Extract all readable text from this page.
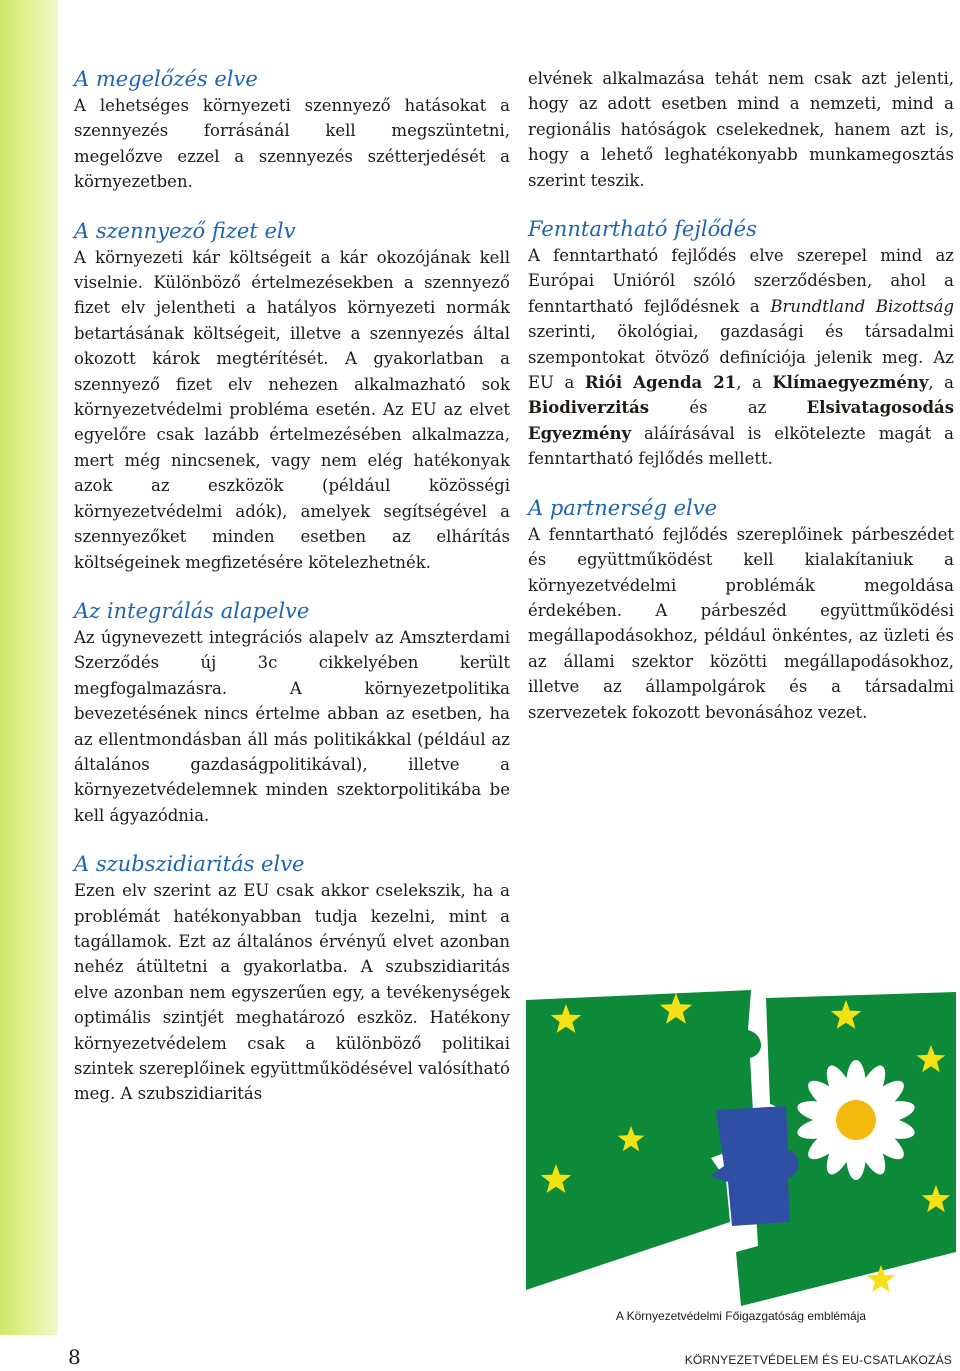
A megelőzés elve

A lehetséges környezeti szennyező hatásokat a szennyezés forrásánál kell megszüntetni, megelőzve ezzel a szennyezés szétterjedését a környezetben.

A szennyező fizet elv

A környezeti kár költségeit a kár okozójának kell viselnie. Különböző értelmezésekben a szennyező fizet elv jelentheti a hatályos környezeti normák betartásának költségeit, illetve a szennyezés által okozott károk megtérítését. A gyakorlatban a szennyező fizet elv nehezen alkalmazható sok környezetvédelmi probléma esetén. Az EU az elvet egyelőre csak lazább értelmezésében alkalmazza, mert még nincsenek, vagy nem elég hatékonyak azok az eszközök (például közösségi környezetvédelmi adók), amelyek segítségével a szennyezőket minden esetben az elhárítás költségeinek megfizetésére kötelezhetnék.

Az integrálás alapelve

Az úgynevezett integrációs alapelv az Amszterdami Szerződés új 3c cikkelyében került megfogalmazásra. A környezetpolitika bevezetésének nincs értelme abban az esetben, ha az ellentmondásban áll más politikákkal (például az általános gazdaságpolitikával), illetve a környezetvédelemnek minden szektorpolitikába be kell ágyazódnia.

A szubszidiaritás elve

Ezen elv szerint az EU csak akkor cselekszik, ha a problémát hatékonyabban tudja kezelni, mint a tagállamok. Ezt az általános érvényű elvet azonban nehéz átültetni a gyakorlatba. A szubszidiaritás elve azonban nem egyszerűen egy, a tevékenységek optimális szintjét meghatározó eszköz. Hatékony környezetvédelem csak a különböző politikai szintek szereplőinek együttműködésével valósítható meg. A szubszidiaritás

elvének alkalmazása tehát nem csak azt jelenti, hogy az adott esetben mind a nemzeti, mind a regionális hatóságok cselekednek, hanem azt is, hogy a lehető leghatékonyabb munkamegosztás szerint teszik.

Fenntartható fejlődés

A fenntartható fejlődés elve szerepel mind az Európai Unióról szóló szerződésben, ahol a fenntartható fejlődésnek a Brundtland Bizottság szerinti, ökológiai, gazdasági és társadalmi szempontokat ötvöző definíciója jelenik meg. Az EU a Riói Agenda 21, a Klímaegyezmény, a Biodiverzitás és az Elsivatagosodás Egyezmény aláírásával is elkötelezte magát a fenntartható fejlődés mellett.

A partnerség elve

A fenntartható fejlődés szereplőinek párbeszédet és együttműködést kell kialakítaniuk a környezetvédelmi problémák megoldása érdekében. A párbeszéd együttműködési megállapodásokhoz, például önkéntes, az üzleti és az állami szektor közötti megállapodásokhoz, illetve az állampolgárok és a társadalmi szervezetek fokozott bevonásához vezet.

A Környezetvédelmi Főigazgatóság emblémája
8	KÖRNYEZETVÉDELEM ÉS EU-CSATLAKOZÁS
